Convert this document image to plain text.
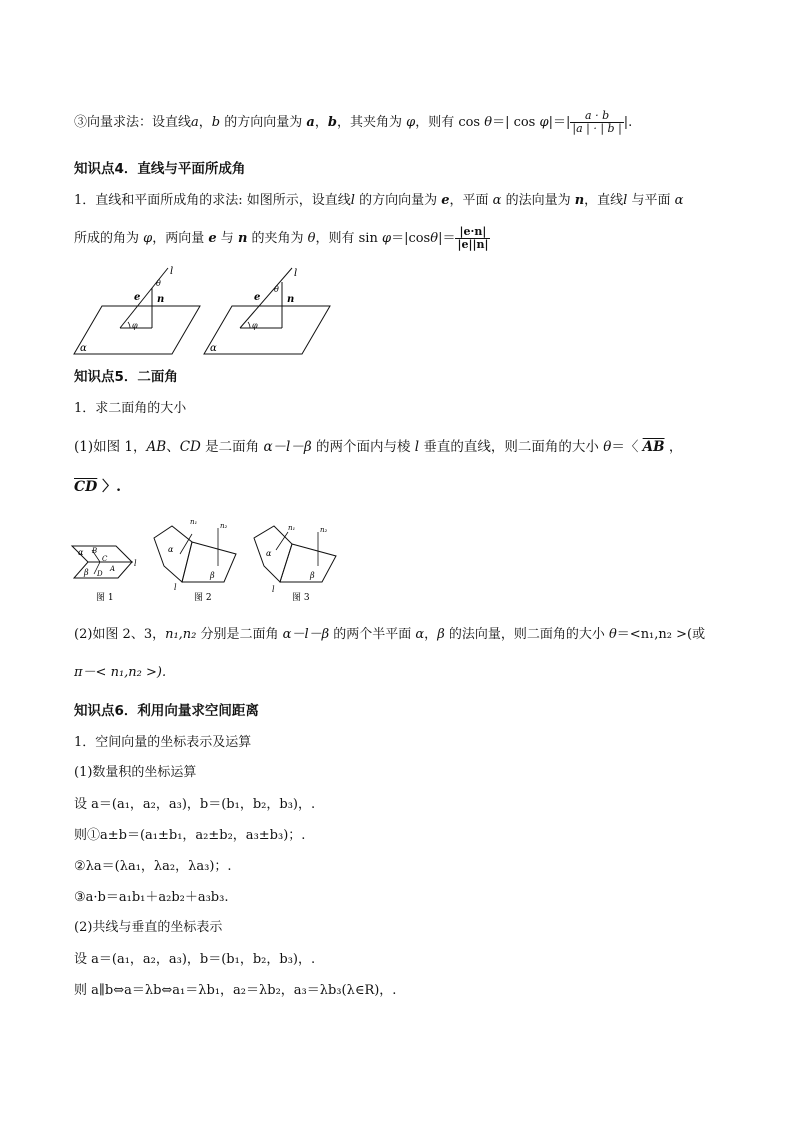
③向量求法：设直线a，b 的方向向量为 a，b，其夹角为 φ，则有 cos θ＝| $\cos \varphi|=| \frac{a \cdot b}{|a | \cdot | b |}$ |.
知识点4．直线与平面所成角
1．直线和平面所成角的求法: 如图所示，设直线l 的方向向量为 e，平面 α 的法向量为 n，直线l 与平面 α
所成的角为 φ，两向量 e 与 n 的夹角为 θ，则有 $\sin \varphi=|\cos\theta|= \frac{|e\cdot n|}{|e||n|}$
l
θ
e n
φ
α
l
θ
e	n
φ
α
知识点5．二面角
1．求二面角的大小
(1)如图 1，AB、CD 是二面角 α－l－β 的两个面内与棱 l 垂直的直线，则二面角的大小 θ＝〈 $\overline{AB}$ ，
$\overline{CD}$ 〉.
α B
C
β D
A
l
图 1
n₁	n₂
α
β
l
图 2
n₁	n₂
α
β
l
图 3
(2)如图 2、3，n₁,n₂ 分别是二面角 α－l－β 的两个半平面 α，β 的法向量，则二面角的大小 θ＝<n₁,n₂ >(或
π－< n₁,n₂ >).
知识点6．利用向量求空间距离
1．空间向量的坐标表示及运算
(1)数量积的坐标运算
设 a＝(a₁，a₂，a₃)，b＝(b₁，b₂，b₃)，.
则①a±b＝(a₁±b₁，a₂±b₂，a₃±b₃)；.
②λa＝(λa₁，λa₂，λa₃)；.
③a·b＝a₁b₁＋a₂b₂＋a₃b₃.
(2)共线与垂直的坐标表示
设 a＝(a₁，a₂，a₃)，b＝(b₁，b₂，b₃)，.
则 a∥b⇔a＝λb⇔a₁＝λb₁，a₂＝λb₂，a₃＝λb₃(λ∈R)，.
